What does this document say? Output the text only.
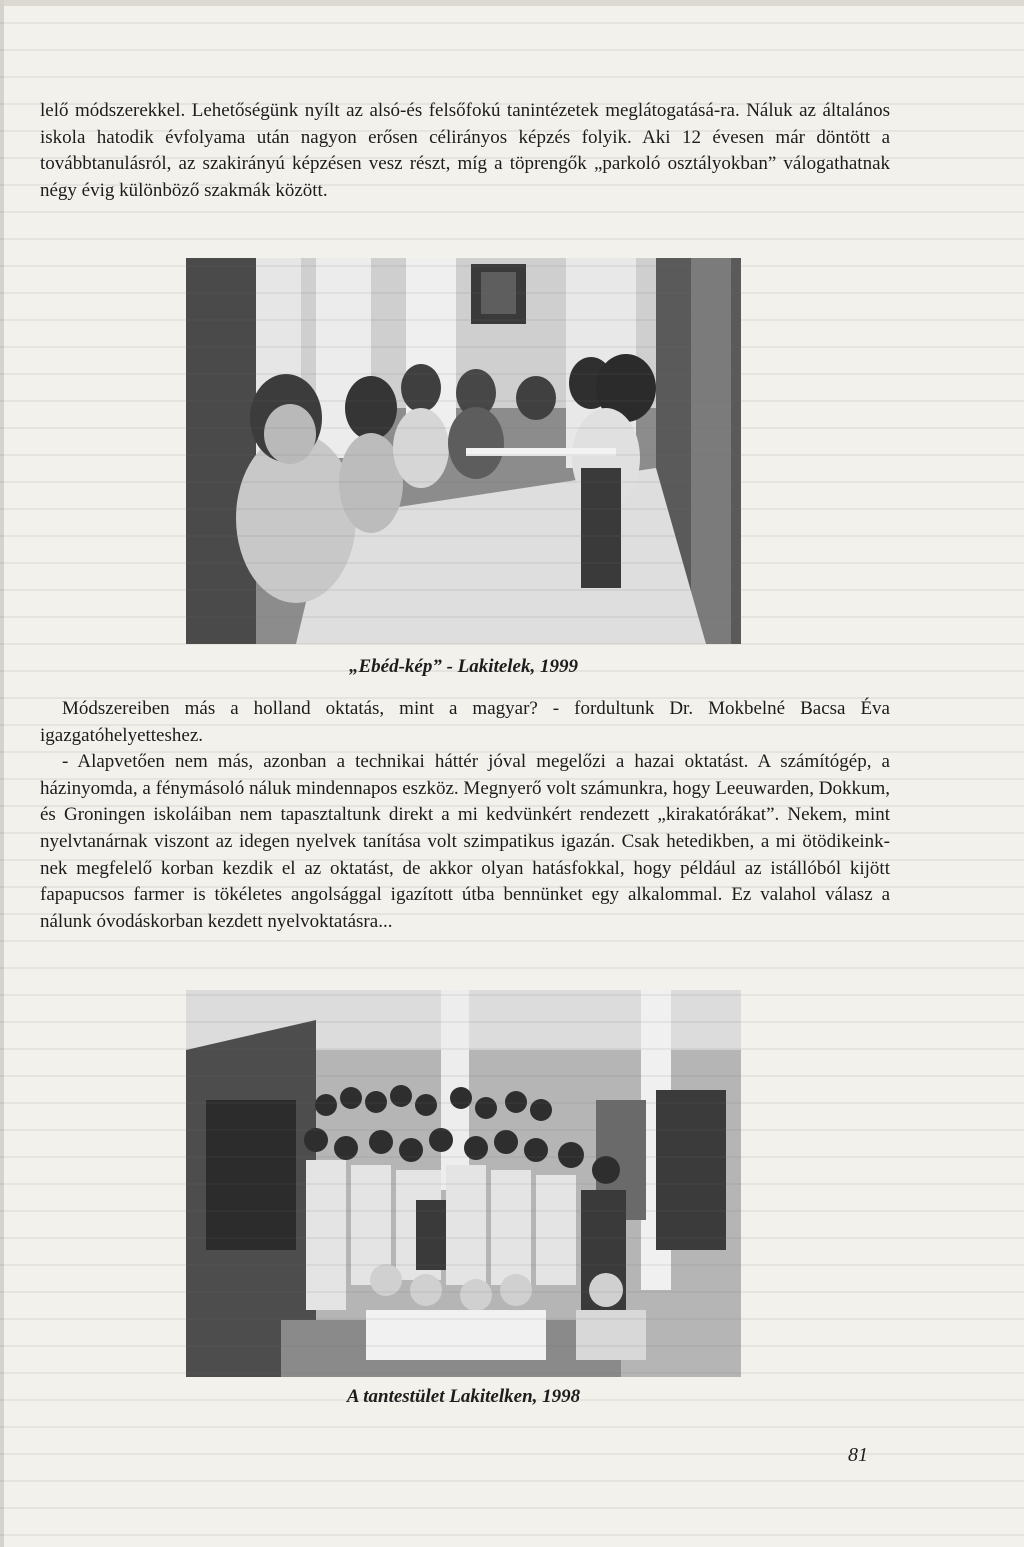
lelő módszerekkel. Lehetőségünk nyílt az alsó-és felsőfokú tanintézetek meglátogatásá-ra. Náluk az általános iskola hatodik évfolyama után nagyon erősen célirányos képzés folyik. Aki 12 évesen már döntött a továbbtanulásról, az szakirányú képzésen vesz részt, míg a töprengők „parkoló osztályokban” válogathatnak négy évig különböző szakmák között.

„Ebéd-kép” - Lakitelek, 1999

Módszereiben más a holland oktatás, mint a magyar? - fordultunk Dr. Mokbelné Bacsa Éva igazgatóhelyetteshez.

- Alapvetően nem más, azonban a technikai háttér jóval megelőzi a hazai oktatást. A számítógép, a házinyomda, a fénymásoló náluk mindennapos eszköz. Megnyerő volt számunkra, hogy Leeuwarden, Dokkum, és Groningen iskoláiban nem tapasztaltunk direkt a mi kedvünkért rendezett „kirakatórákat”. Nekem, mint nyelvtanárnak viszont az idegen nyelvek tanítása volt szimpatikus igazán. Csak hetedikben, a mi ötödikeink-nek megfelelő korban kezdik el az oktatást, de akkor olyan hatásfokkal, hogy például az istállóból kijött fapapucsos farmer is tökéletes angolsággal igazított útba bennünket egy alkalommal. Ez valahol válasz a nálunk óvodáskorban kezdett nyelvoktatásra...

A tantestület Lakitelken, 1998

81
